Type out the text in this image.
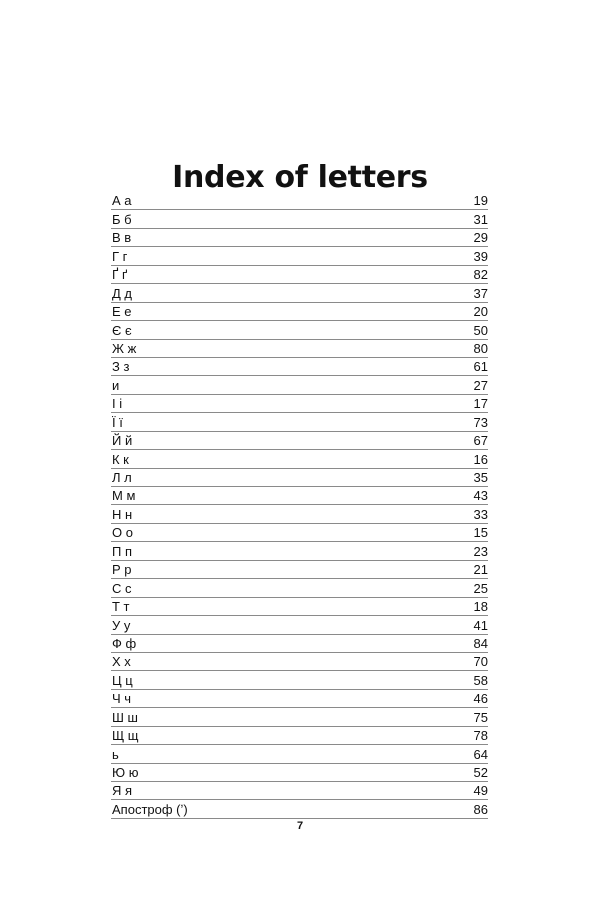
Index of letters
А а	19
Б б	31
В в	29
Г г	39
Ґ ґ	82
Д д	37
Е е	20
Є є	50
Ж ж	80
З з	61
и	27
І і	17
Ї ї	73
Й й	67
К к	16
Л л	35
М м	43
Н н	33
О о	15
П п	23
Р р	21
С с	25
Т т	18
У у	41
Ф ф	84
Х х	70
Ц ц	58
Ч ч	46
Ш ш	75
Щ щ	78
ь	64
Ю ю	52
Я я	49
Апостроф (ʼ)	86
7
